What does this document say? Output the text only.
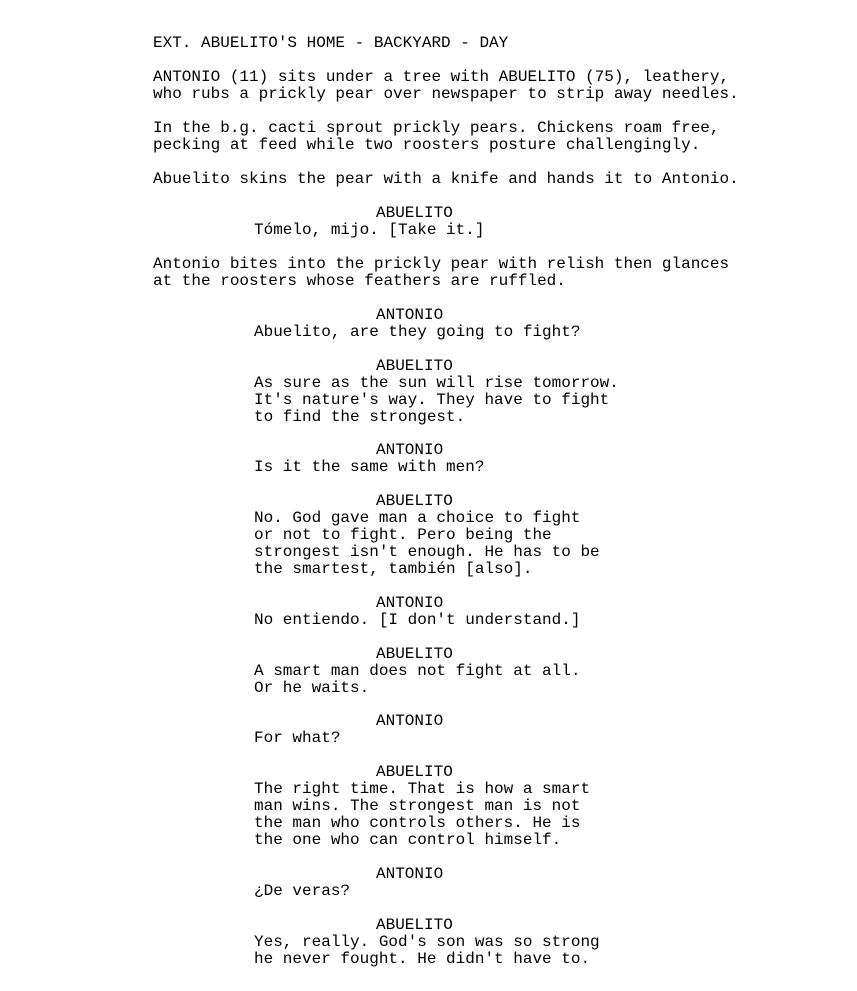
EXT. ABUELITO'S HOME - BACKYARD - DAY
ANTONIO (11) sits under a tree with ABUELITO (75), leathery,
who rubs a prickly pear over newspaper to strip away needles.
In the b.g. cacti sprout prickly pears. Chickens roam free,
pecking at feed while two roosters posture challengingly.
Abuelito skins the pear with a knife and hands it to Antonio.
ABUELITO
Tómelo, mijo. [Take it.]
Antonio bites into the prickly pear with relish then glances
at the roosters whose feathers are ruffled.
ANTONIO
Abuelito, are they going to fight?
ABUELITO
As sure as the sun will rise tomorrow.
It's nature's way. They have to fight
to find the strongest.
ANTONIO
Is it the same with men?
ABUELITO
No. God gave man a choice to fight
or not to fight. Pero being the
strongest isn't enough. He has to be
the smartest, también [also].
ANTONIO
No entiendo. [I don't understand.]
ABUELITO
A smart man does not fight at all.
Or he waits.
ANTONIO
For what?
ABUELITO
The right time. That is how a smart
man wins. The strongest man is not
the man who controls others. He is
the one who can control himself.
ANTONIO
¿De veras?
ABUELITO
Yes, really. God's son was so strong
he never fought. He didn't have to.
